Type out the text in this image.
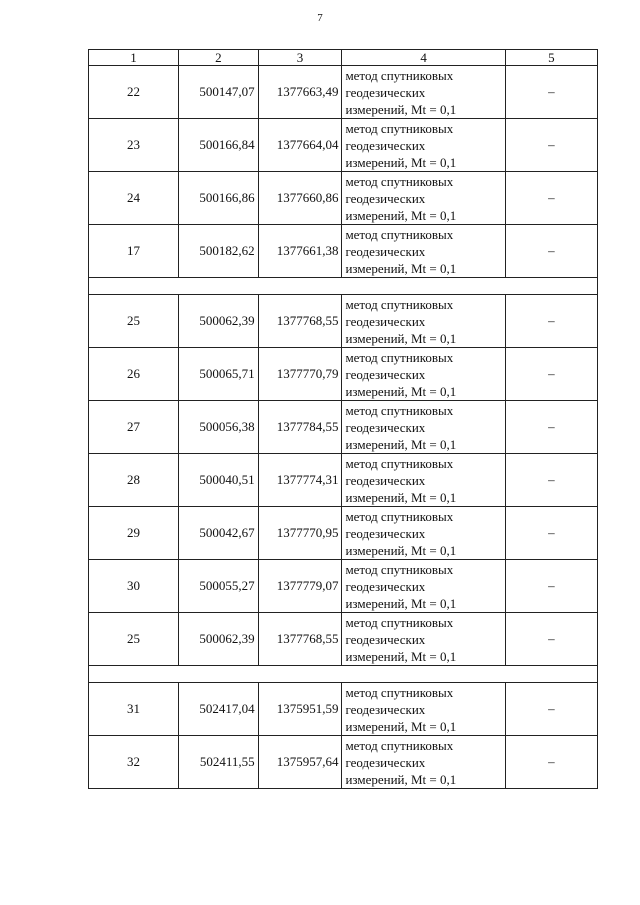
7
1	2	3	4	5
22	500147,07	1377663,49	метод спутниковых
геодезических
измерений, Mt = 0,1	–
23	500166,84	1377664,04	метод спутниковых
геодезических
измерений, Mt = 0,1	–
24	500166,86	1377660,86	метод спутниковых
геодезических
измерений, Mt = 0,1	–
17	500182,62	1377661,38	метод спутниковых
геодезических
измерений, Mt = 0,1	–

25	500062,39	1377768,55	метод спутниковых
геодезических
измерений, Mt = 0,1	–
26	500065,71	1377770,79	метод спутниковых
геодезических
измерений, Mt = 0,1	–
27	500056,38	1377784,55	метод спутниковых
геодезических
измерений, Mt = 0,1	–
28	500040,51	1377774,31	метод спутниковых
геодезических
измерений, Mt = 0,1	–
29	500042,67	1377770,95	метод спутниковых
геодезических
измерений, Mt = 0,1	–
30	500055,27	1377779,07	метод спутниковых
геодезических
измерений, Mt = 0,1	–
25	500062,39	1377768,55	метод спутниковых
геодезических
измерений, Mt = 0,1	–

31	502417,04	1375951,59	метод спутниковых
геодезических
измерений, Mt = 0,1	–
32	502411,55	1375957,64	метод спутниковых
геодезических
измерений, Mt = 0,1	–
